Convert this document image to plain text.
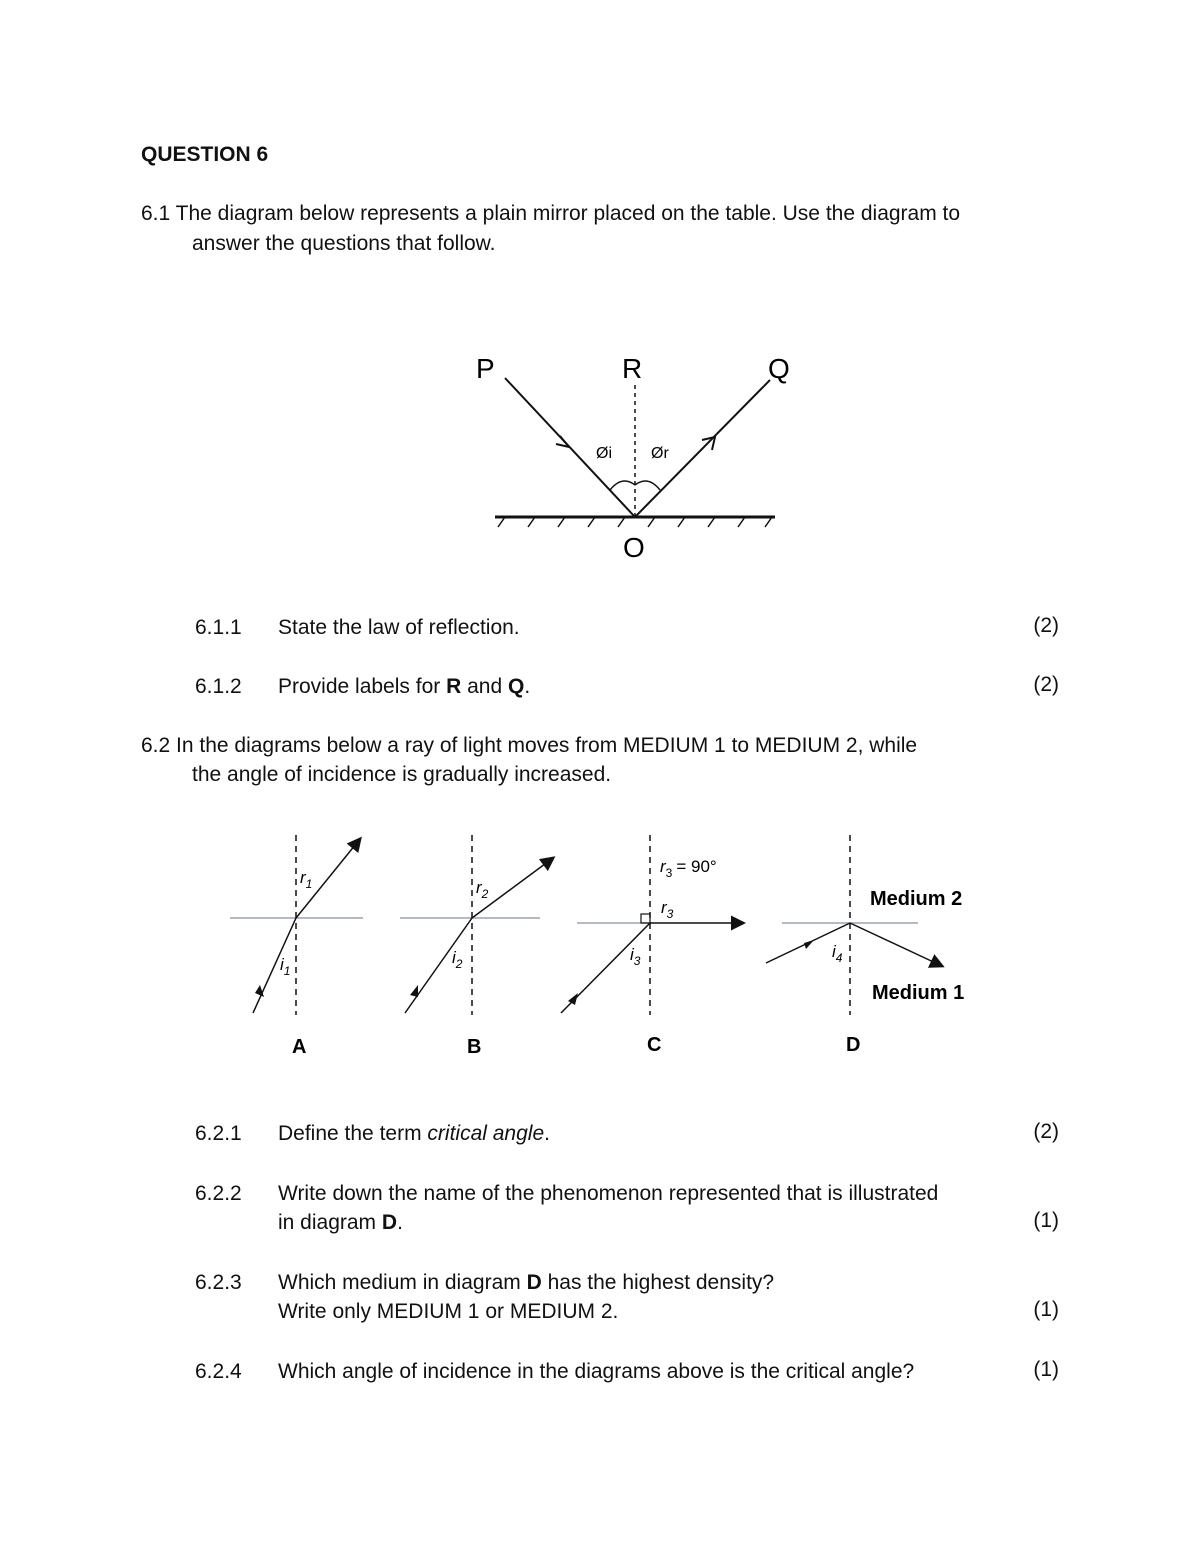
QUESTION 6
6.1 The diagram below represents a plain mirror placed on the table. Use the diagram to
answer the questions that follow.
P	R	Q
O
Øi Ør
6.1.1 State the law of reflection.	(2)
6.1.2 Provide labels for R and Q.	(2)
6.2 In the diagrams below a ray of light moves from MEDIUM 1 to MEDIUM 2, while
the angle of incidence is gradually increased.
$r_1$
$i_1$
A
$r_2$
$i_2$
B
$r_3 = 90^\circ$
$r_3$
$i_3$
C
$i_4$
Medium 2
Medium 1
D
6.2.1 Define the term critical angle.	(2)
6.2.2 Write down the name of the phenomenon represented that is illustrated
in diagram D.	(1)
6.2.3 Which medium in diagram D has the highest density?
Write only MEDIUM 1 or MEDIUM 2.	(1)
6.2.4 Which angle of incidence in the diagrams above is the critical angle?	(1)
